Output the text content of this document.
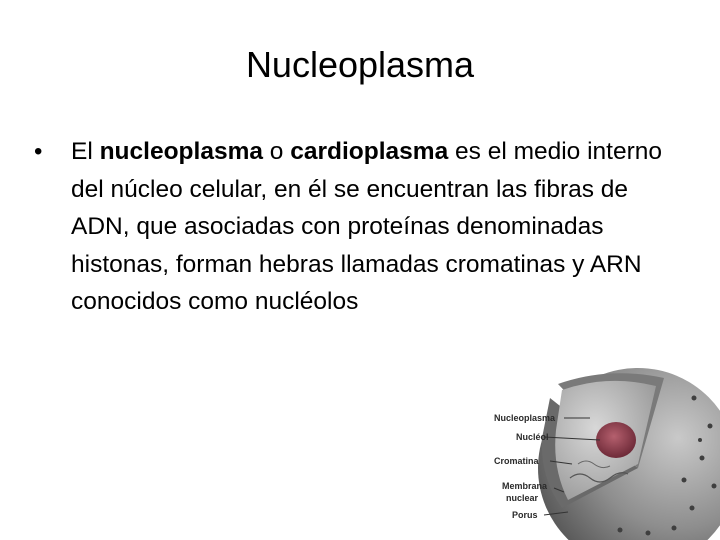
Nucleoplasma
• El nucleoplasma o cardioplasma es el medio interno del núcleo celular, en él se encuentran las fibras de ADN, que asociadas con proteínas denominadas histonas, forman hebras llamadas cromatinas y ARN conocidos como nucléolos
Nucleoplasma
Nucléol
Cromatina
Membrana
nuclear
Porus
